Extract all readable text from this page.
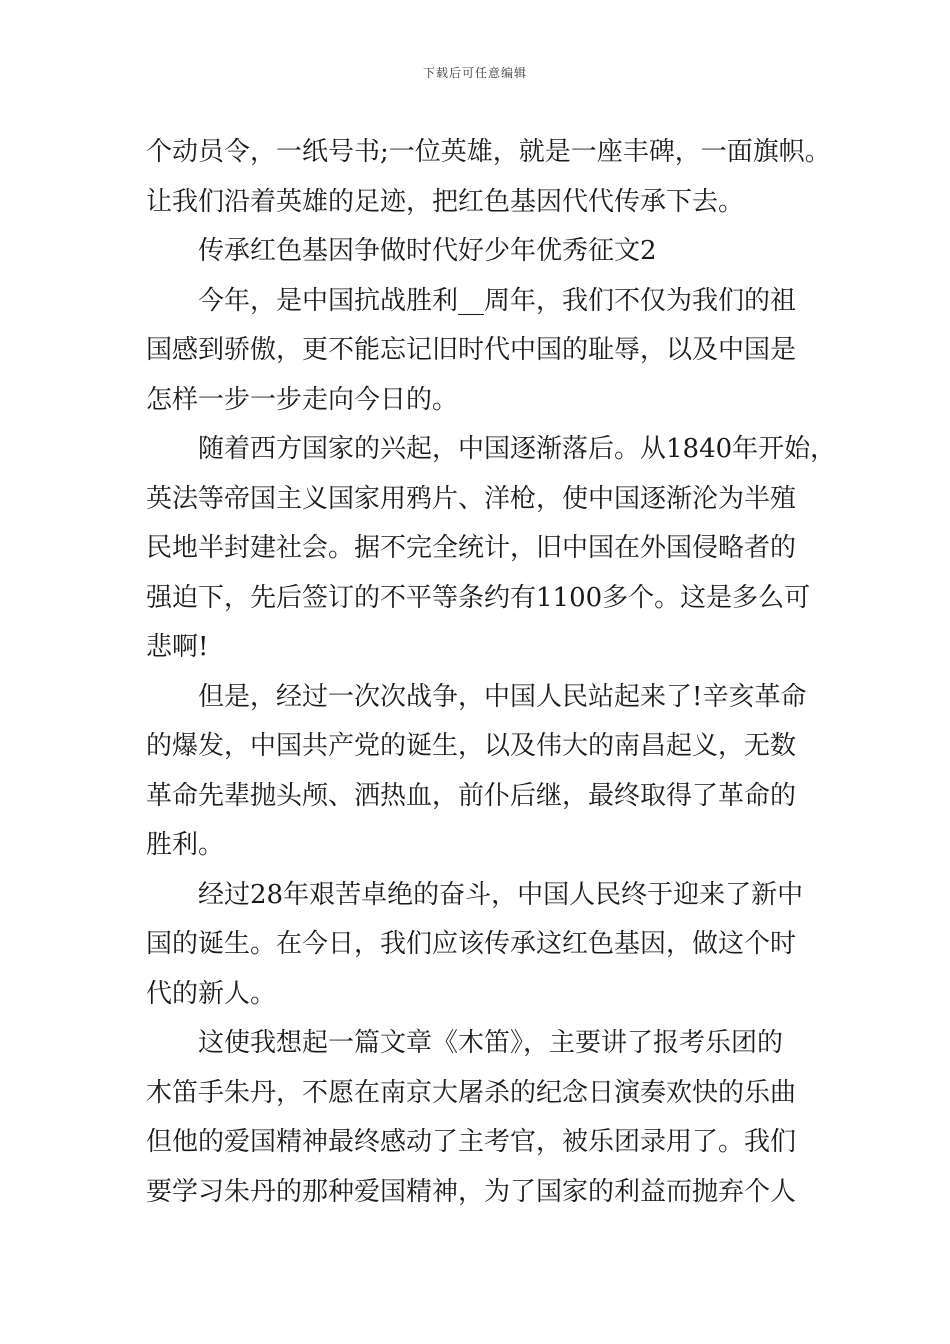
下载后可任意编辑
个动员令，一纸号书;一位英雄，就是一座丰碑，一面旗帜。
让我们沿着英雄的足迹，把红色基因代代传承下去。
传承红色基因争做时代好少年优秀征文2
今年，是中国抗战胜利__周年，我们不仅为我们的祖
国感到骄傲，更不能忘记旧时代中国的耻辱，以及中国是
怎样一步一步走向今日的。
随着西方国家的兴起，中国逐渐落后。从1840年开始，
英法等帝国主义国家用鸦片、洋枪，使中国逐渐沦为半殖
民地半封建社会。据不完全统计，旧中国在外国侵略者的
强迫下，先后签订的不平等条约有1100多个。这是多么可
悲啊!
但是，经过一次次战争，中国人民站起来了!辛亥革命
的爆发，中国共产党的诞生，以及伟大的南昌起义，无数
革命先辈抛头颅、洒热血，前仆后继，最终取得了革命的
胜利。
经过28年艰苦卓绝的奋斗，中国人民终于迎来了新中
国的诞生。在今日，我们应该传承这红色基因，做这个时
代的新人。
这使我想起一篇文章《木笛》，主要讲了报考乐团的
木笛手朱丹，不愿在南京大屠杀的纪念日演奏欢快的乐曲
但他的爱国精神最终感动了主考官，被乐团录用了。我们
要学习朱丹的那种爱国精神，为了国家的利益而抛弃个人
